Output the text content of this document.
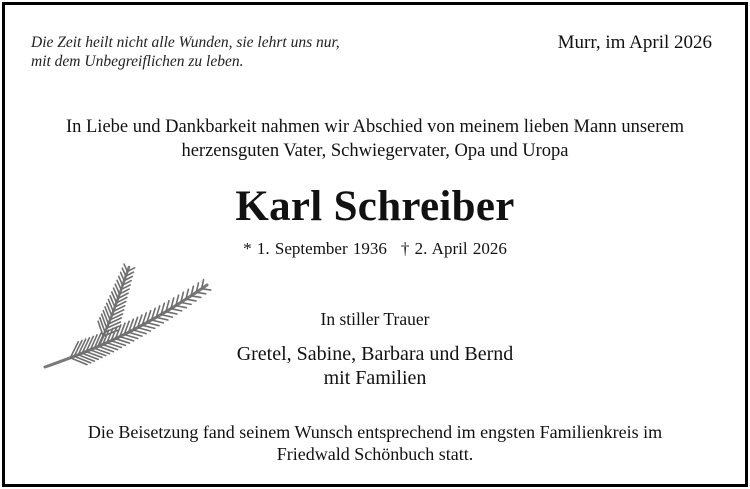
Die Zeit heilt nicht alle Wunden, sie lehrt uns nur,
mit dem Unbegreiflichen zu leben.
Murr, im April 2026
In Liebe und Dankbarkeit nahmen wir Abschied von meinem lieben Mann unserem
herzensguten Vater, Schwiegervater, Opa und Uropa
Karl Schreiber
* 1. September 1936 † 2. April 2026
In stiller Trauer
Gretel, Sabine, Barbara und Bernd
mit Familien
Die Beisetzung fand seinem Wunsch entsprechend im engsten Familienkreis im
Friedwald Schönbuch statt.
